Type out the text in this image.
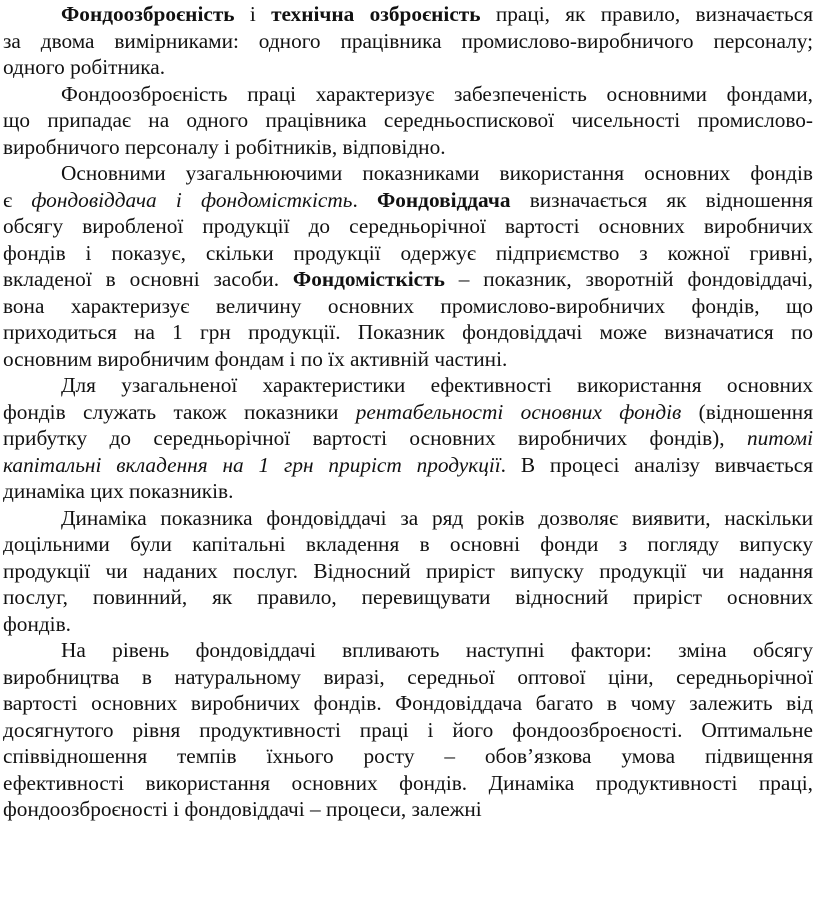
Фондоозброєність і технічна озброєність праці, як правило, визначається
за двома вимірниками: одного працівника промислово-виробничого персоналу;
одного робітника.
Фондоозброєність праці характеризує забезпеченість основними фондами,
що припадає на одного працівника середньоспискової чисельності промислово-
виробничого персоналу і робітників, відповідно.
Основними узагальнюючими показниками використання основних фондів
є фондовіддача і фондомісткість. Фондовіддача визначається як відношення
обсягу виробленої продукції до середньорічної вартості основних виробничих
фондів і показує, скільки продукції одержує підприємство з кожної гривні,
вкладеної в основні засоби. Фондомісткість – показник, зворотній фондовіддачі,
вона характеризує величину основних промислово-виробничих фондів, що
приходиться на 1 грн продукції. Показник фондовіддачі може визначатися по
основним виробничим фондам і по їх активній частині.
Для узагальненої характеристики ефективності використання основних
фондів служать також показники рентабельності основних фондів (відношення
прибутку до середньорічної вартості основних виробничих фондів), питомі
капітальні вкладення на 1 грн приріст продукції. В процесі аналізу вивчається
динаміка цих показників.
Динаміка показника фондовіддачі за ряд років дозволяє виявити, наскільки
доцільними були капітальні вкладення в основні фонди з погляду випуску
продукції чи наданих послуг. Відносний приріст випуску продукції чи надання
послуг, повинний, як правило, перевищувати відносний приріст основних
фондів.
На рівень фондовіддачі впливають наступні фактори: зміна обсягу
виробництва в натуральному виразі, середньої оптової ціни, середньорічної
вартості основних виробничих фондів. Фондовіддача багато в чому залежить від
досягнутого рівня продуктивності праці і його фондоозброєності. Оптимальне
співвідношення темпів їхнього росту – обов’язкова умова підвищення
ефективності використання основних фондів. Динаміка продуктивності праці,
фондоозброєності і фондовіддачі – процеси, залежні
